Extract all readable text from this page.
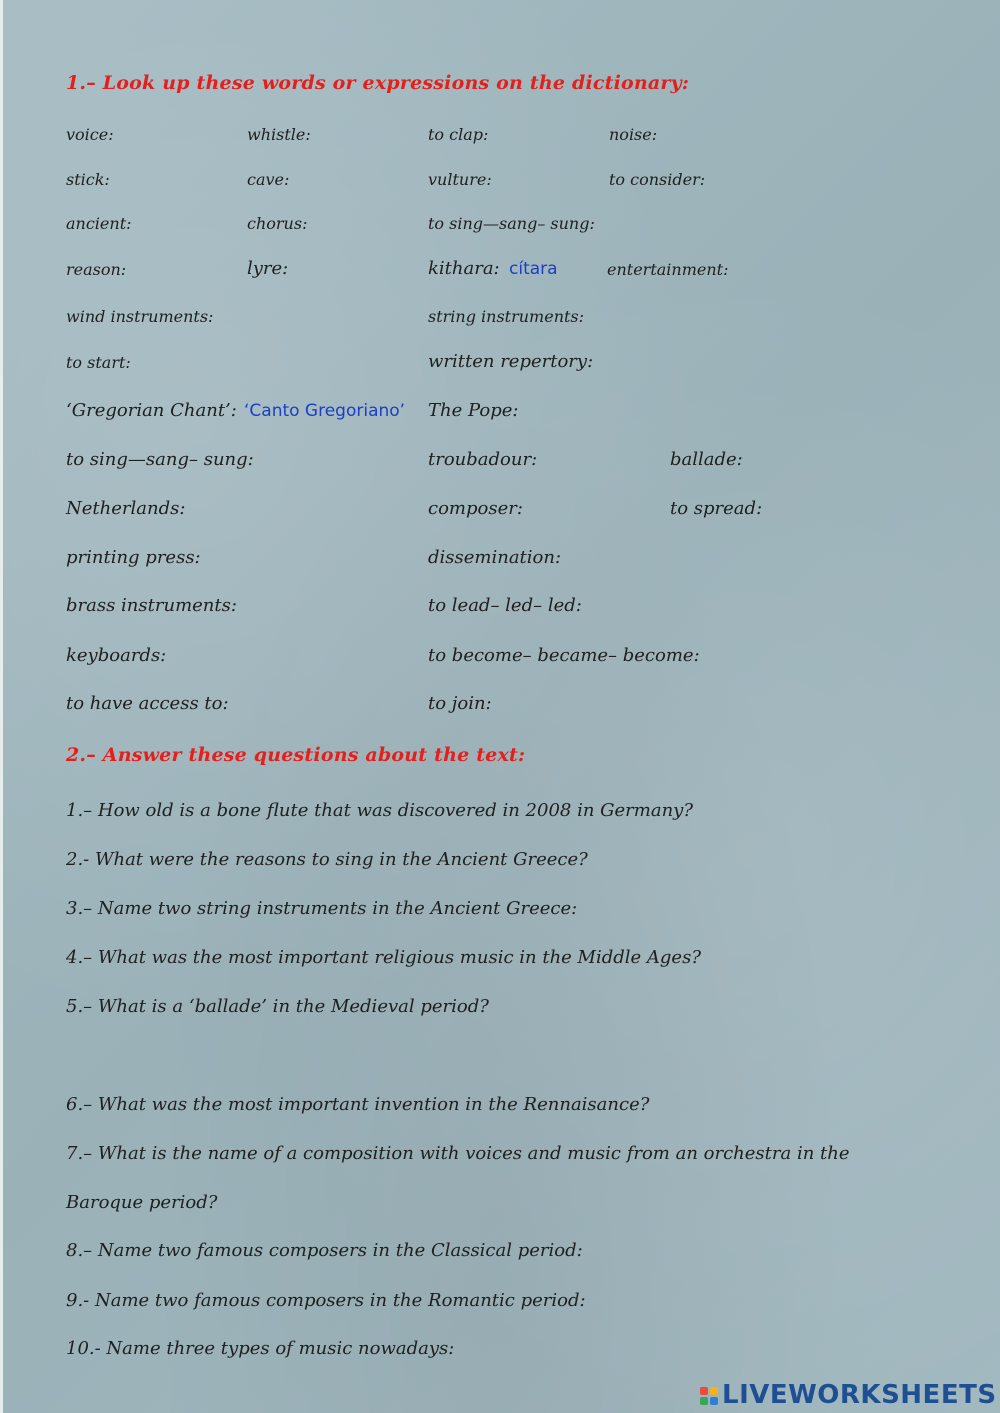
1.– Look up these words or expressions on the dictionary:
voice:	whistle:	to clap:	noise:
stick:	cave:	vulture:	to consider:
ancient:	chorus:	to sing—sang– sung:
reason:	lyre:	kithara: cítara	entertainment:
wind instruments:	string instruments:
to start:	written repertory:
‘Gregorian Chant’: ‘Canto Gregoriano’ The Pope:
to sing—sang– sung:	troubadour:	ballade:
Netherlands:	composer:	to spread:
printing press:	dissemination:
brass instruments:	to lead– led– led:
keyboards:	to become– became– become:
to have access to:	to join:
2.– Answer these questions about the text:
1.– How old is a bone flute that was discovered in 2008 in Germany?
2.- What were the reasons to sing in the Ancient Greece?
3.– Name two string instruments in the Ancient Greece:
4.– What was the most important religious music in the Middle Ages?
5.– What is a ‘ballade’ in the Medieval period?
6.– What was the most important invention in the Rennaisance?
7.– What is the name of a composition with voices and music from an orchestra in the
Baroque period?
8.– Name two famous composers in the Classical period:
9.- Name two famous composers in the Romantic period:
10.- Name three types of music nowadays:
LIVEWORKSHEETS
